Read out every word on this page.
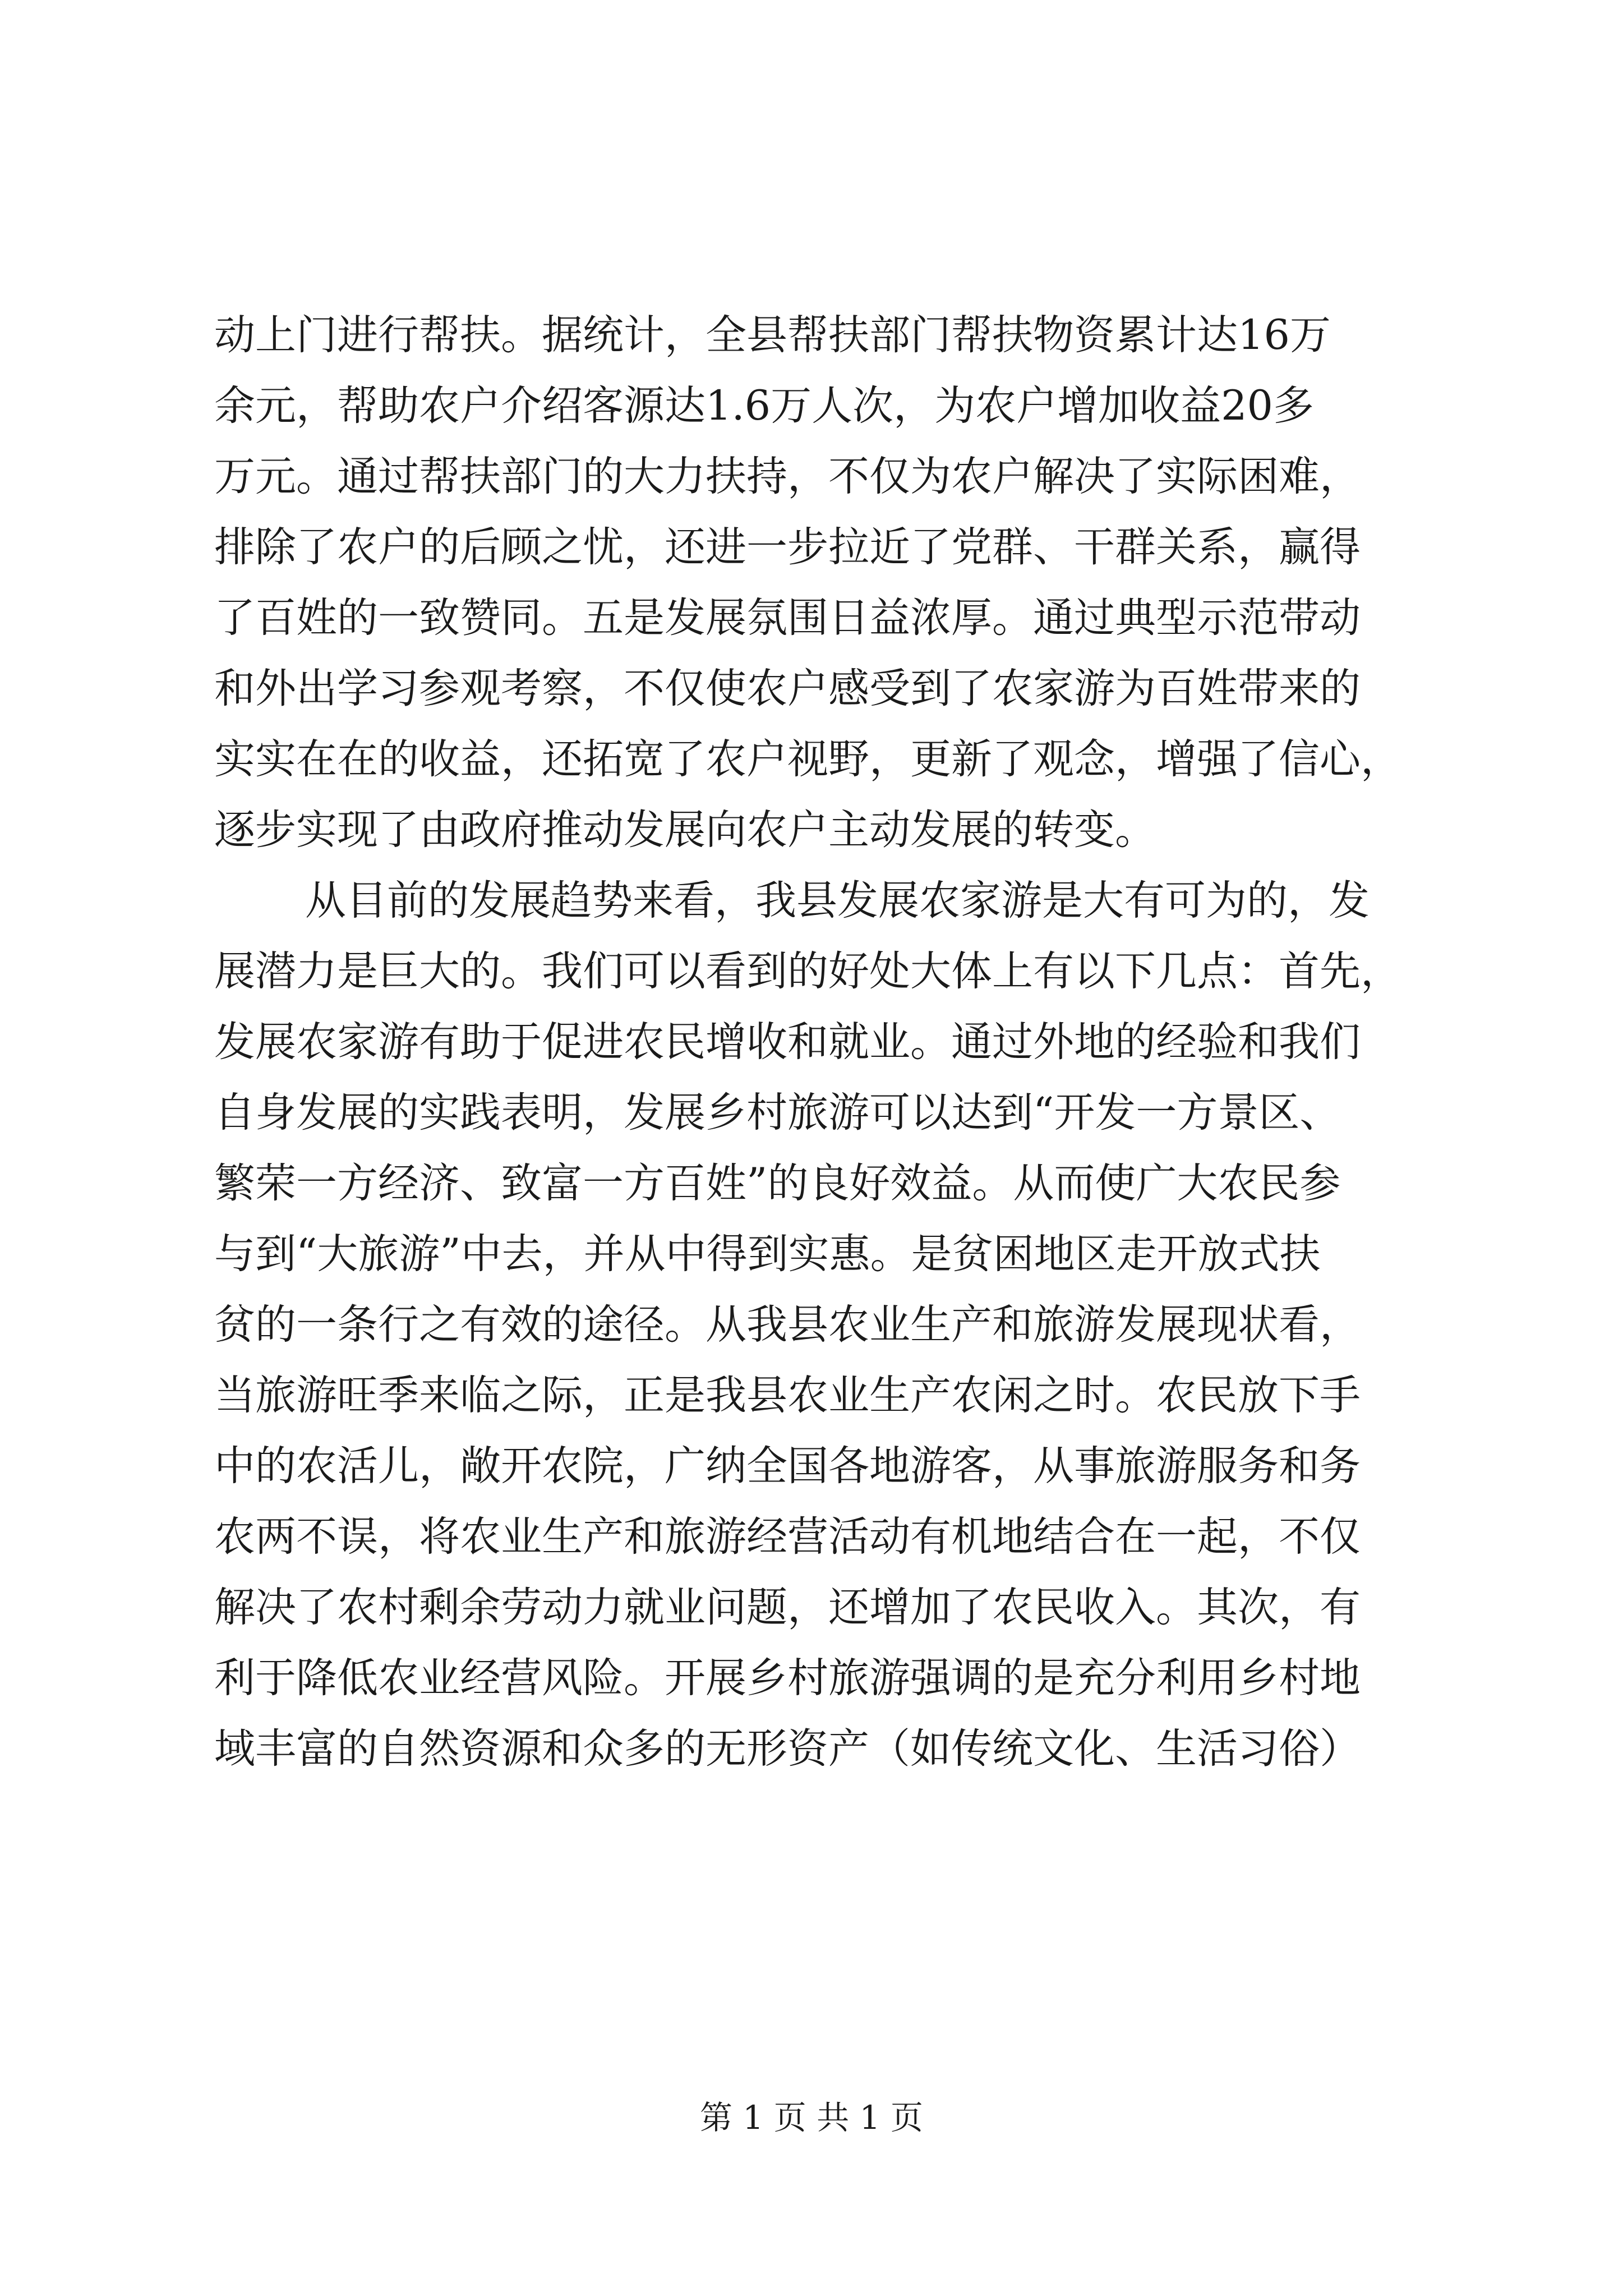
动上门进行帮扶。据统计，全县帮扶部门帮扶物资累计达16万
余元，帮助农户介绍客源达1.6万人次，为农户增加收益20多
万元。通过帮扶部门的大力扶持，不仅为农户解决了实际困难，
排除了农户的后顾之忧，还进一步拉近了党群、干群关系，赢得
了百姓的一致赞同。五是发展氛围日益浓厚。通过典型示范带动
和外出学习参观考察，不仅使农户感受到了农家游为百姓带来的
实实在在的收益，还拓宽了农户视野，更新了观念，增强了信心，
逐步实现了由政府推动发展向农户主动发展的转变。
从目前的发展趋势来看，我县发展农家游是大有可为的，发
展潜力是巨大的。我们可以看到的好处大体上有以下几点：首先，
发展农家游有助于促进农民增收和就业。通过外地的经验和我们
自身发展的实践表明，发展乡村旅游可以达到“开发一方景区、
繁荣一方经济、致富一方百姓”的良好效益。从而使广大农民参
与到“大旅游”中去，并从中得到实惠。是贫困地区走开放式扶
贫的一条行之有效的途径。从我县农业生产和旅游发展现状看，
当旅游旺季来临之际，正是我县农业生产农闲之时。农民放下手
中的农活儿，敞开农院，广纳全国各地游客，从事旅游服务和务
农两不误，将农业生产和旅游经营活动有机地结合在一起，不仅
解决了农村剩余劳动力就业问题，还增加了农民收入。其次，有
利于降低农业经营风险。开展乡村旅游强调的是充分利用乡村地
域丰富的自然资源和众多的无形资产（如传统文化、生活习俗）
第 1 页 共 1 页
